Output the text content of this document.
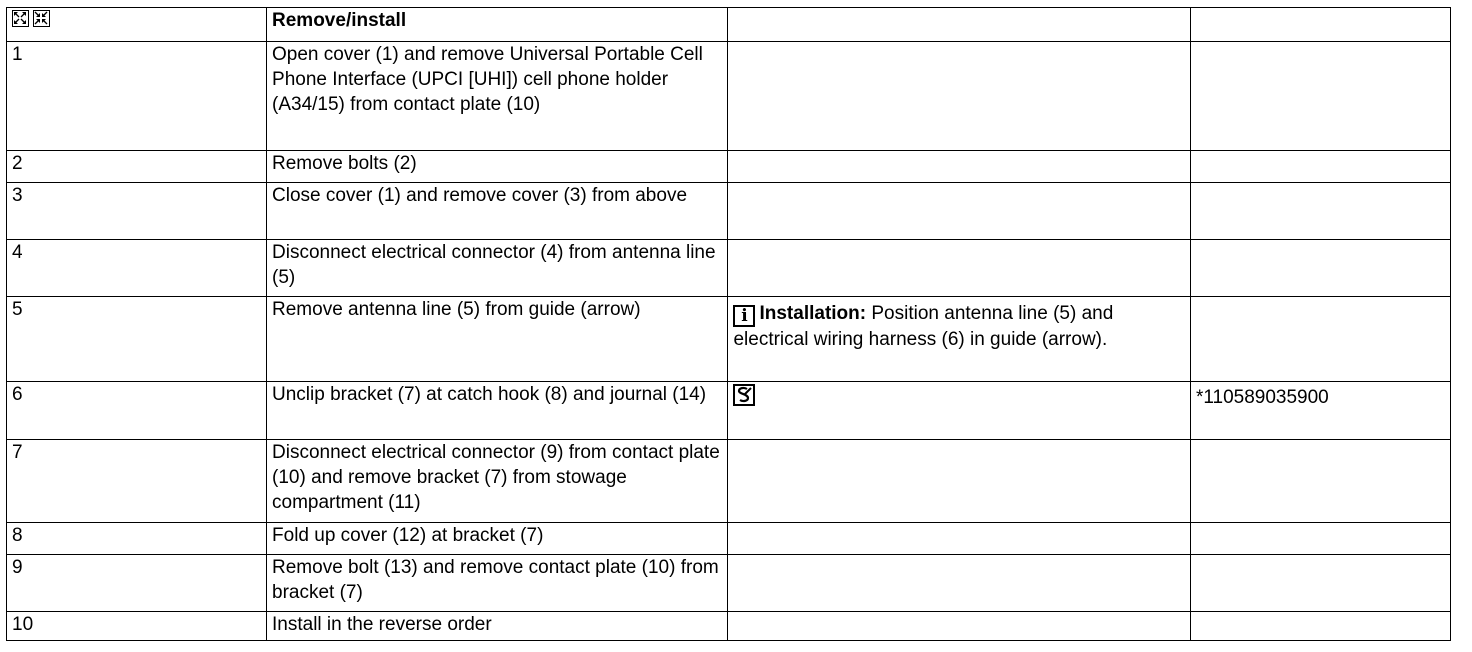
	Remove/install		
1	Open cover (1) and remove Universal Portable Cell Phone Interface (UPCI [UHI]) cell phone holder (A34/15) from contact plate (10)		
2	Remove bolts (2)		
3	Close cover (1) and remove cover (3) from above		
4	Disconnect electrical connector (4) from antenna line (5)		
5	Remove antenna line (5) from guide (arrow)	i Installation: Position antenna line (5) and electrical wiring harness (6) in guide (arrow).	
6	Unclip bracket (7) at catch hook (8) and journal (14)		*110589035900
7	Disconnect electrical connector (9) from contact plate (10) and remove bracket (7) from stowage compartment (11)		
8	Fold up cover (12) at bracket (7)		
9	Remove bolt (13) and remove contact plate (10) from bracket (7)		
10	Install in the reverse order		
